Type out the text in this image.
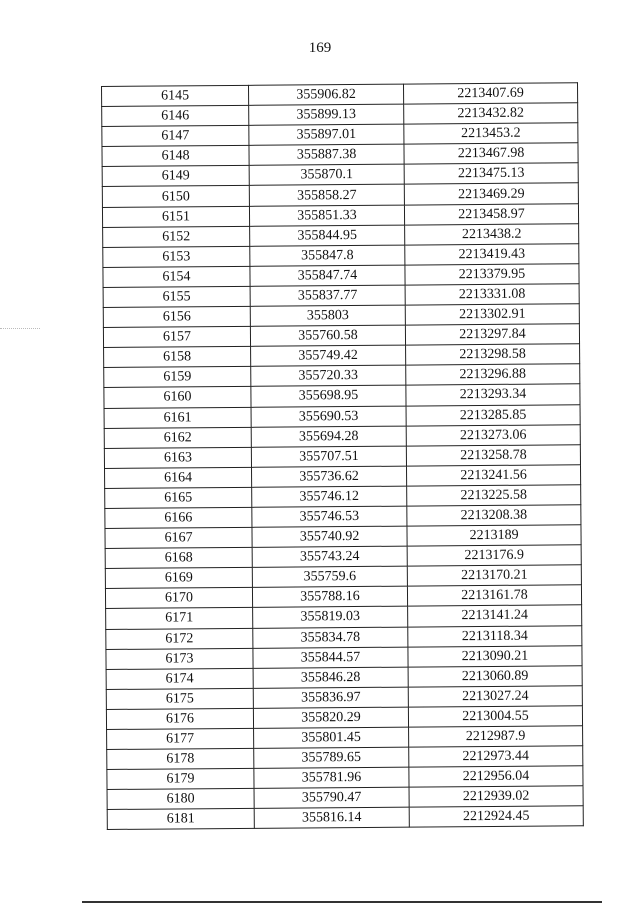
169
6145	355906.82	2213407.69
6146	355899.13	2213432.82
6147	355897.01	2213453.2
6148	355887.38	2213467.98
6149	355870.1	2213475.13
6150	355858.27	2213469.29
6151	355851.33	2213458.97
6152	355844.95	2213438.2
6153	355847.8	2213419.43
6154	355847.74	2213379.95
6155	355837.77	2213331.08
6156	355803	2213302.91
6157	355760.58	2213297.84
6158	355749.42	2213298.58
6159	355720.33	2213296.88
6160	355698.95	2213293.34
6161	355690.53	2213285.85
6162	355694.28	2213273.06
6163	355707.51	2213258.78
6164	355736.62	2213241.56
6165	355746.12	2213225.58
6166	355746.53	2213208.38
6167	355740.92	2213189
6168	355743.24	2213176.9
6169	355759.6	2213170.21
6170	355788.16	2213161.78
6171	355819.03	2213141.24
6172	355834.78	2213118.34
6173	355844.57	2213090.21
6174	355846.28	2213060.89
6175	355836.97	2213027.24
6176	355820.29	2213004.55
6177	355801.45	2212987.9
6178	355789.65	2212973.44
6179	355781.96	2212956.04
6180	355790.47	2212939.02
6181	355816.14	2212924.45
